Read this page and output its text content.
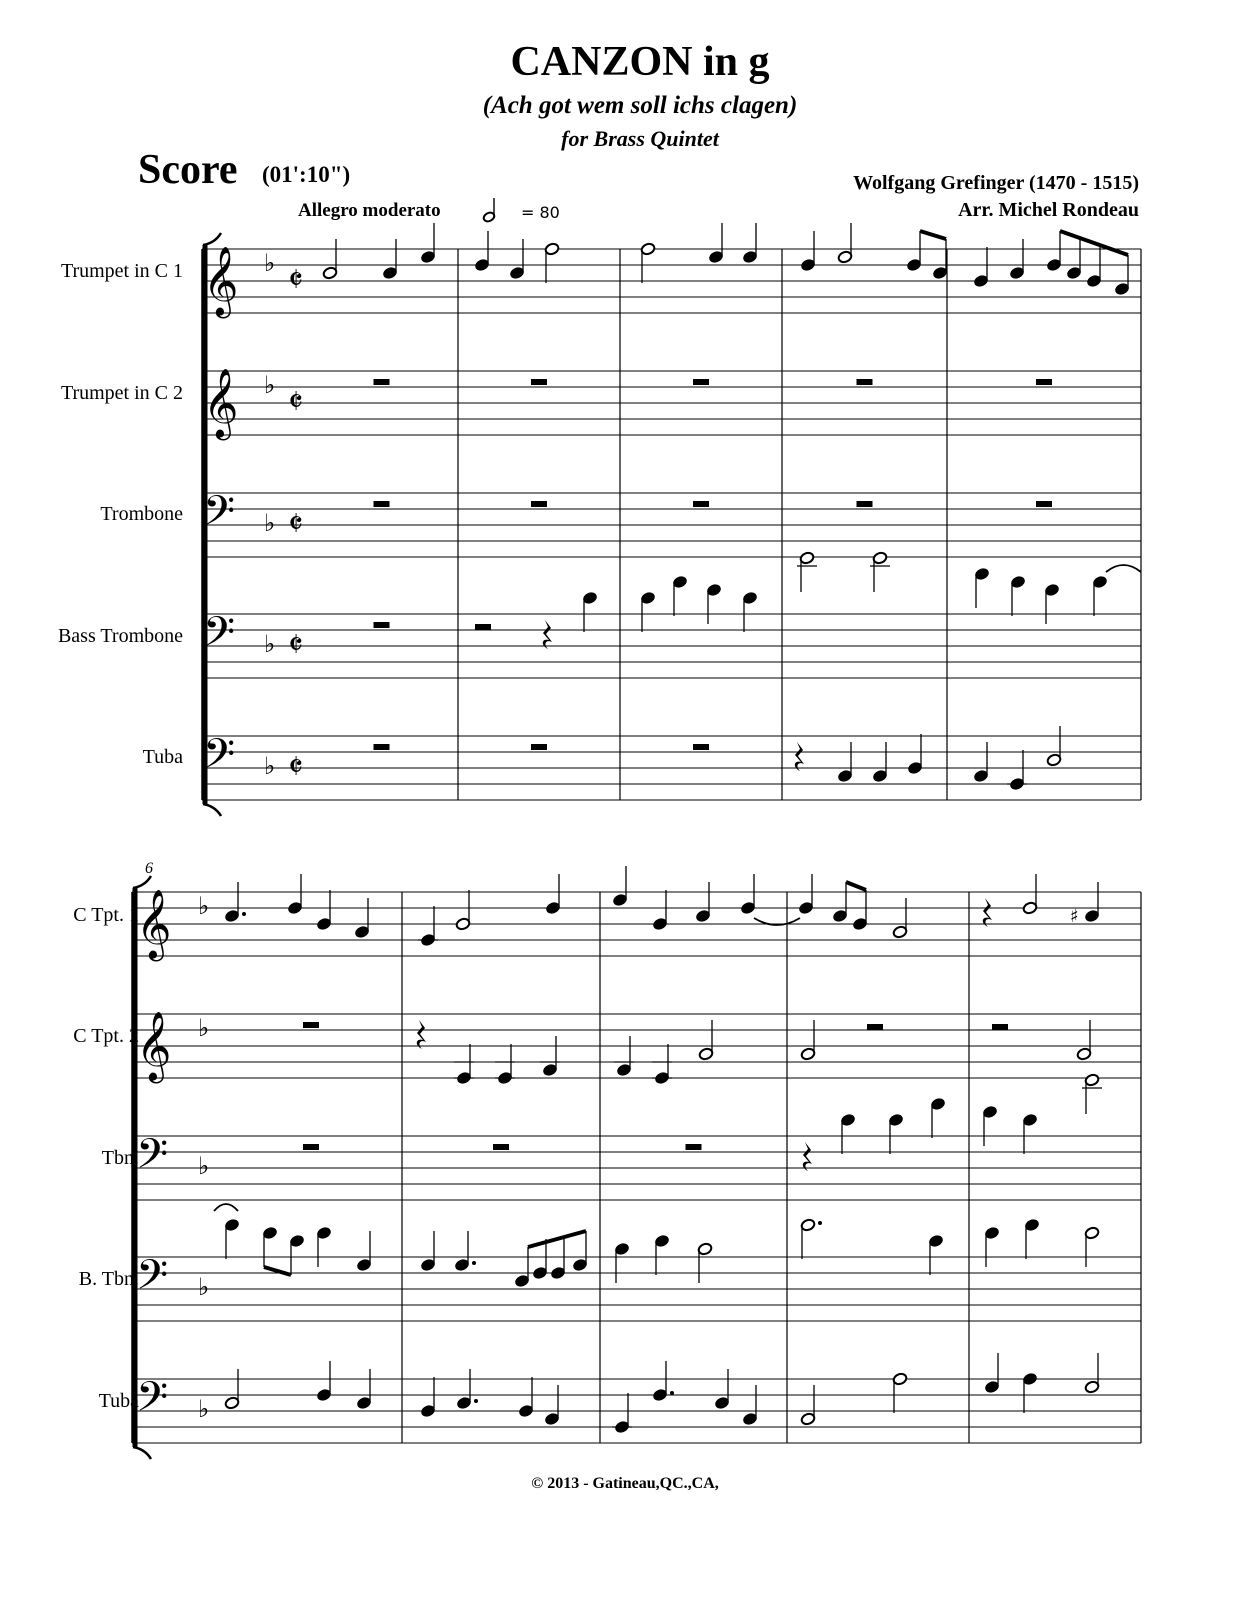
CANZON in g
(Ach got wem soll ichs clagen)
for Brass Quintet
Score (01':10")	Wolfgang Grefinger (1470 - 1515)
Arr. Michel Rondeau
Allegro moderato	= 80
Trumpet in C 1
Trumpet in C 2
Trombone
Bass Trombone
Tuba
6
C Tpt. 1
C Tpt. 2
Tbn.
B. Tbn.
Tuba
𝄞 ♭ 𝄵
𝄞 ♭ 𝄵
𝄢 ♭ 𝄵
𝄢 ♭ 𝄵
𝄢 ♭ 𝄵
𝄞 ♭
𝄞 ♭
𝄢 ♭
𝄢 ♭
𝄢 ♭
♯
© 2013 - Gatineau,QC.,CA,
